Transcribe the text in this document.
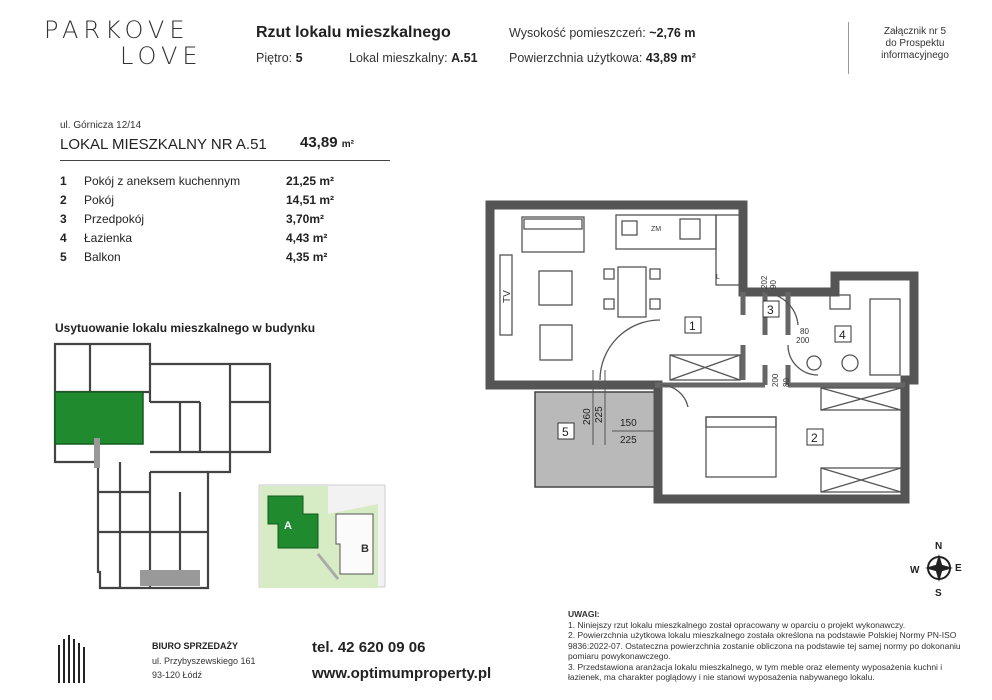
PARKOVE
LOVE
Rzut lokalu mieszkalnego
Piętro: 5	Lokal mieszkalny: A.51
Wysokość pomieszczeń: ~2,76 m
Powierzchnia użytkowa: 43,89 m²
Załącznik nr 5
do Prospektu
informacyjnego
ul. Górnicza 12/14
LOKAL MIESZKALNY NR A.51 43,89 m²
1 Pokój z aneksem kuchennym	21,25 m²
2 Pokój	14,51 m²
3 Przedpokój	3,70m²
4 Łazienka	4,43 m²
5 Balkon	4,35 m²
Usytuowanie lokalu mieszkalnego w budynku
A
B
TV
ZM
L
1
2
3
4
5
90
202
80
200
200 80
260 225
150
225
N
S
E
W
BIURO SPRZEDAŻY
ul. Przybyszewskiego 161
93-120 Łódź
tel. 42 620 09 06
www.optimumproperty.pl
UWAGI:
1. Niniejszy rzut lokalu mieszkalnego został opracowany w oparciu o projekt wykonawczy.
2. Powierzchnia użytkowa lokalu mieszkalnego została określona na podstawie Polskiej Normy PN-ISO 9836:2022-07. Ostateczna powierzchnia zostanie obliczona na podstawie tej samej normy po dokonaniu pomiaru powykonawczego.
3. Przedstawiona aranżacja lokalu mieszkalnego, w tym meble oraz elementy wyposażenia kuchni i łazienek, ma charakter poglądowy i nie stanowi wyposażenia nabywanego lokalu.
